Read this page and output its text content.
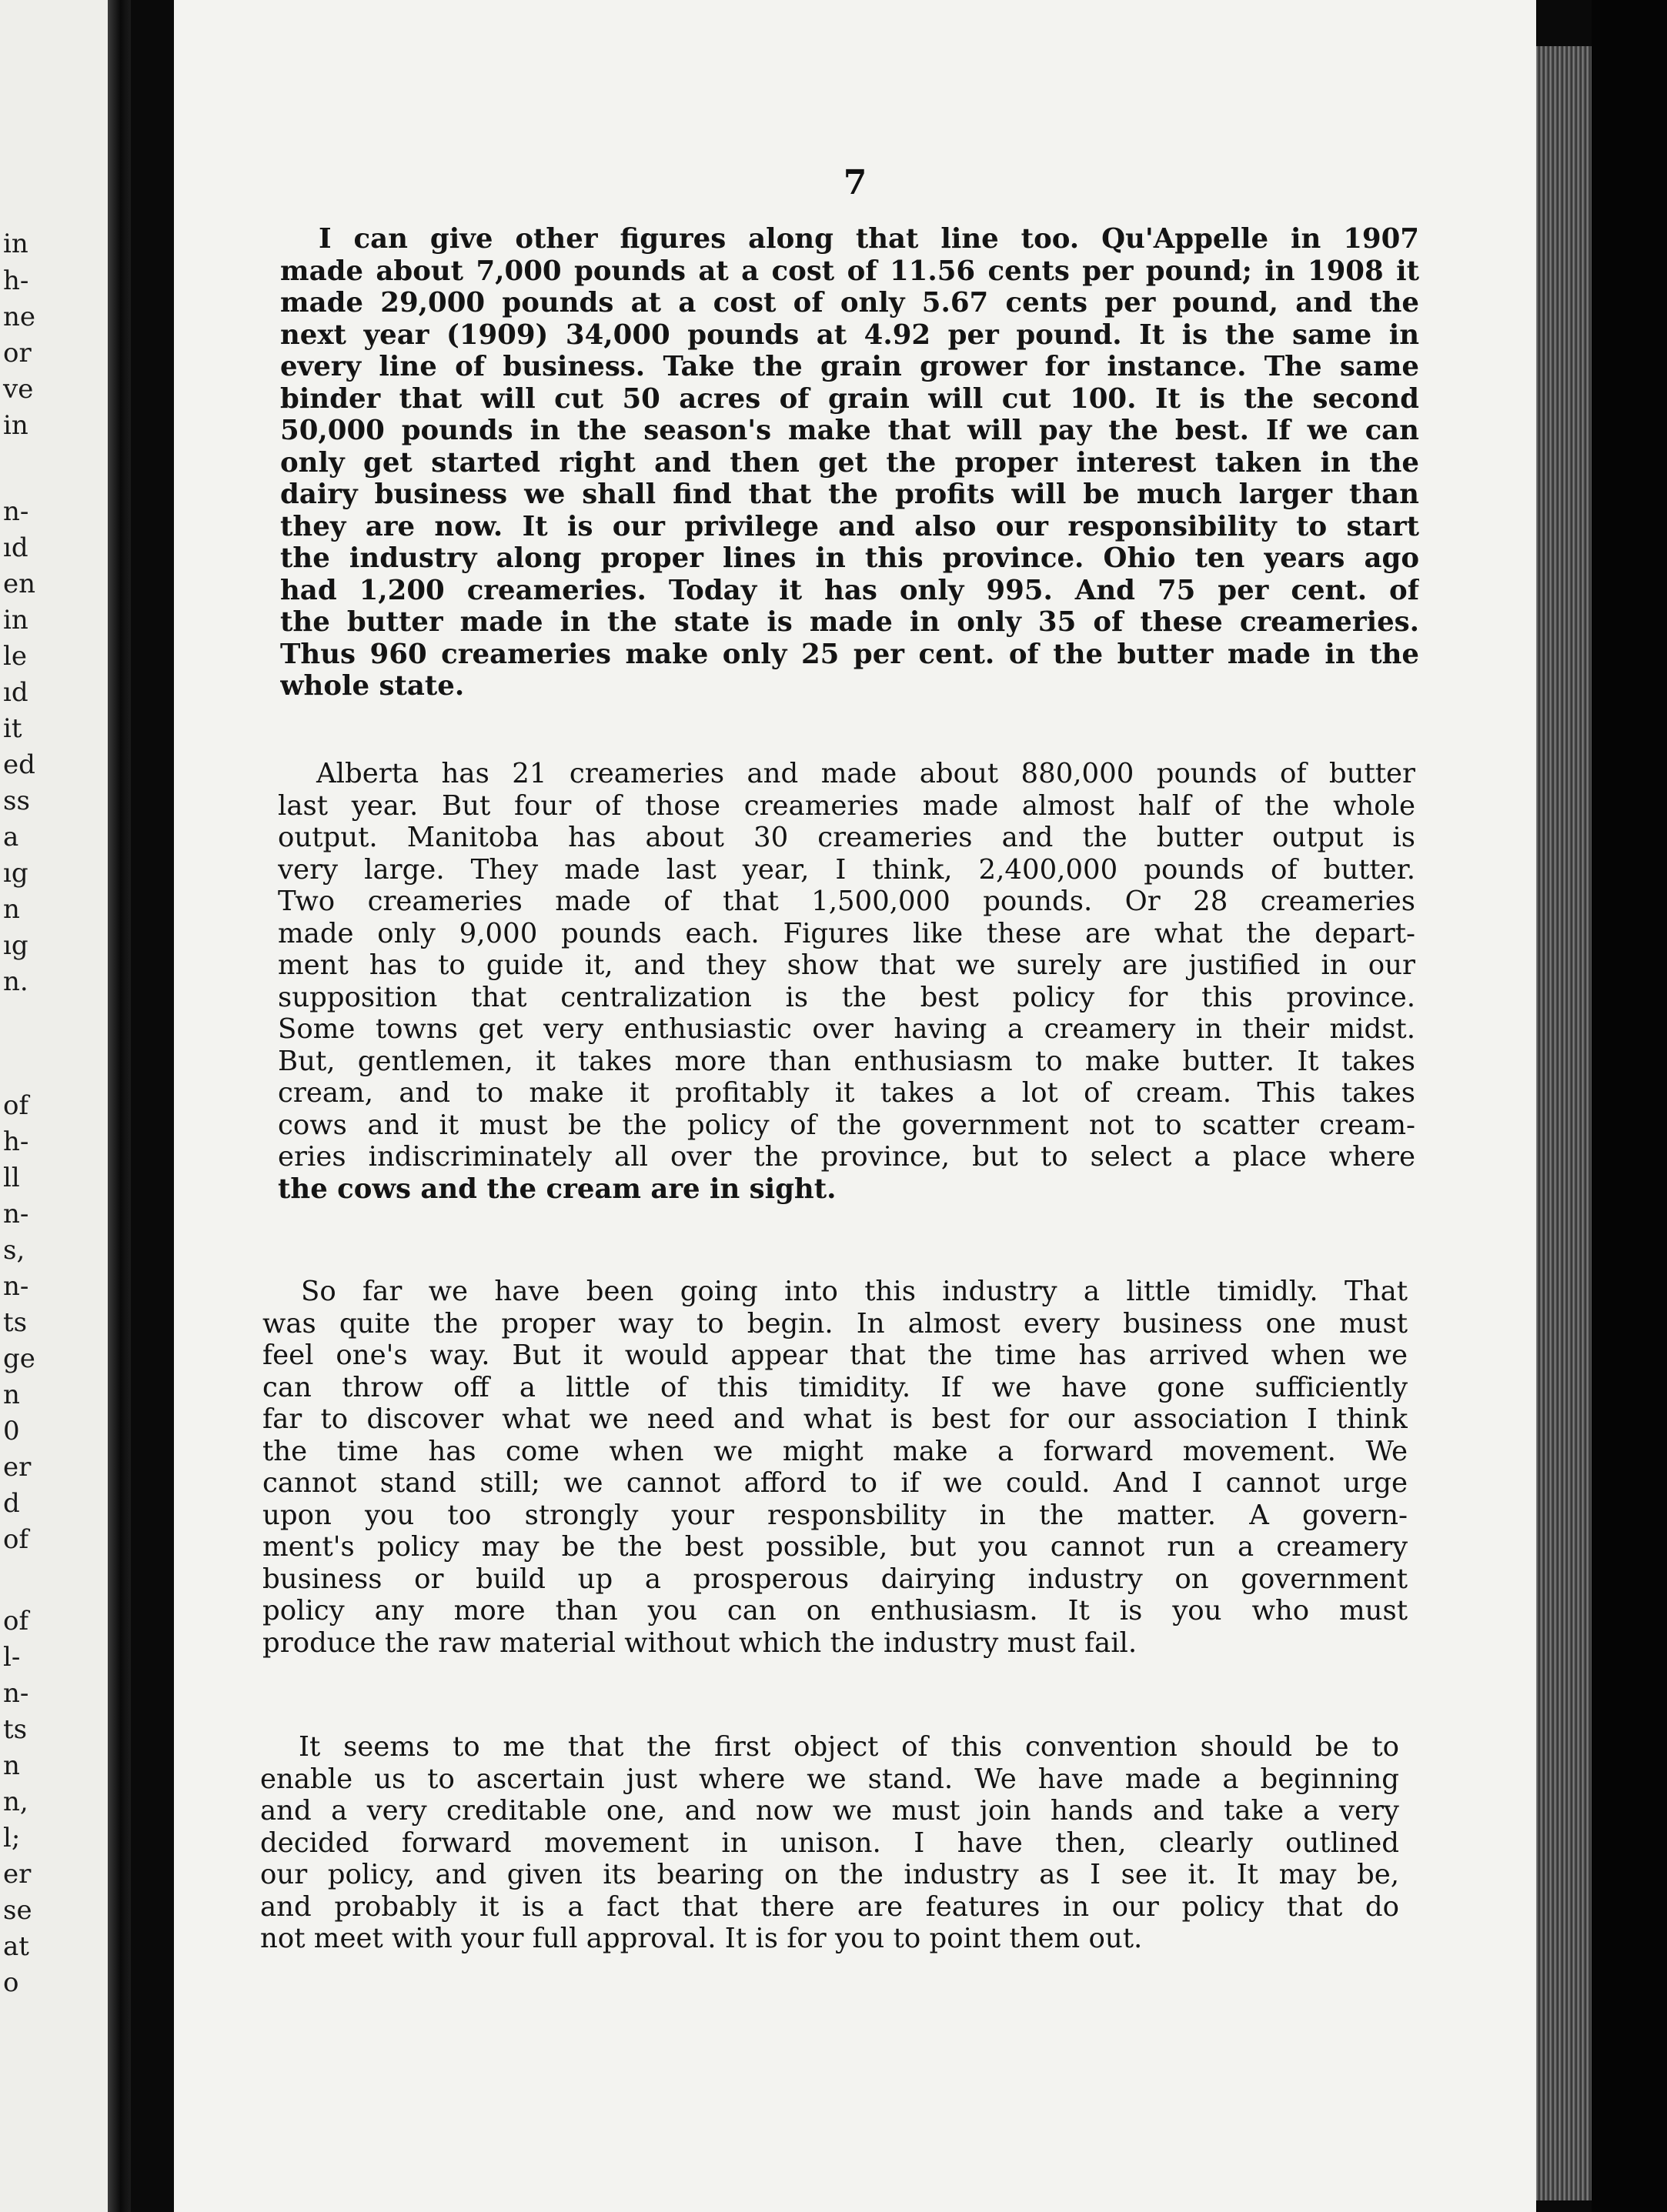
in
h-
ne
or
ve
in
n-
ıd
en
in
le
ıd
it
ed
ss
a
ıg
n
ıg
n.
of
h-
ll
n-
s,
n-
ts
ge
n
0
er
d
of
of
l-
n-
ts
n
n,
l;
er
se
at
o
7
I can give other figures along that line too. Qu'Appelle in 1907
made about 7,000 pounds at a cost of 11.56 cents per pound; in 1908 it
made 29,000 pounds at a cost of only 5.67 cents per pound, and the
next year (1909) 34,000 pounds at 4.92 per pound. It is the same in
every line of business. Take the grain grower for instance. The same
binder that will cut 50 acres of grain will cut 100. It is the second
50,000 pounds in the season's make that will pay the best. If we can
only get started right and then get the proper interest taken in the
dairy business we shall find that the profits will be much larger than
they are now. It is our privilege and also our responsibility to start
the industry along proper lines in this province. Ohio ten years ago
had 1,200 creameries. Today it has only 995. And 75 per cent. of
the butter made in the state is made in only 35 of these creameries.
Thus 960 creameries make only 25 per cent. of the butter made in the
whole state.
Alberta has 21 creameries and made about 880,000 pounds of butter
last year. But four of those creameries made almost half of the whole
output. Manitoba has about 30 creameries and the butter output is
very large. They made last year, I think, 2,400,000 pounds of butter.
Two creameries made of that 1,500,000 pounds. Or 28 creameries
made only 9,000 pounds each. Figures like these are what the depart-
ment has to guide it, and they show that we surely are justified in our
supposition that centralization is the best policy for this province.
Some towns get very enthusiastic over having a creamery in their midst.
But, gentlemen, it takes more than enthusiasm to make butter. It takes
cream, and to make it profitably it takes a lot of cream. This takes
cows and it must be the policy of the government not to scatter cream-
eries indiscriminately all over the province, but to select a place where
the cows and the cream are in sight.
So far we have been going into this industry a little timidly. That
was quite the proper way to begin. In almost every business one must
feel one's way. But it would appear that the time has arrived when we
can throw off a little of this timidity. If we have gone sufficiently
far to discover what we need and what is best for our association I think
the time has come when we might make a forward movement. We
cannot stand still; we cannot afford to if we could. And I cannot urge
upon you too strongly your responsbility in the matter. A govern-
ment's policy may be the best possible, but you cannot run a creamery
business or build up a prosperous dairying industry on government
policy any more than you can on enthusiasm. It is you who must
produce the raw material without which the industry must fail.
It seems to me that the first object of this convention should be to
enable us to ascertain just where we stand. We have made a beginning
and a very creditable one, and now we must join hands and take a very
decided forward movement in unison. I have then, clearly outlined
our policy, and given its bearing on the industry as I see it. It may be,
and probably it is a fact that there are features in our policy that do
not meet with your full approval. It is for you to point them out.
